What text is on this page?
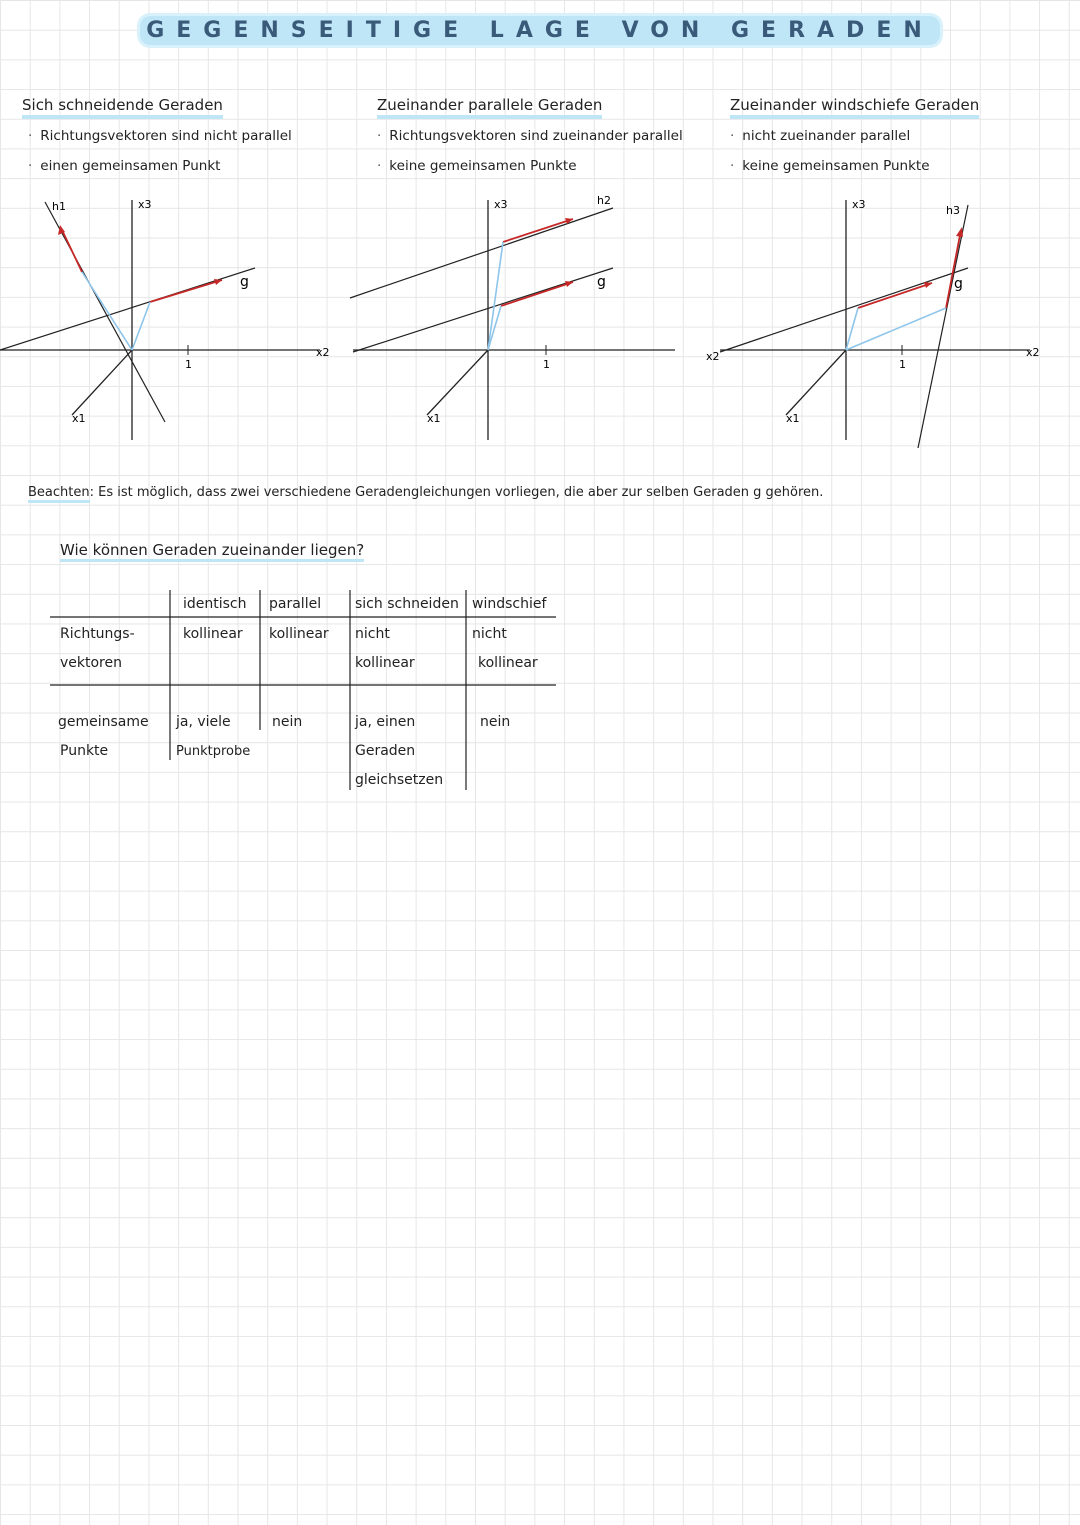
GEGENSEITIGE LAGE VON GERADEN
Sich schneidende Geraden
· Richtungsvektoren sind nicht parallel
· einen gemeinsamen Punkt
Zueinander parallele Geraden
· Richtungsvektoren sind zueinander parallel
· keine gemeinsamen Punkte
Zueinander windschiefe Geraden
· nicht zueinander parallel
· keine gemeinsamen Punkte
h1
g
x3
x2
x1
1
h2
g
x3
x1
1
h3
g
x3
x2
x2
x1
1
Beachten: Es ist möglich, dass zwei verschiedene Geradengleichungen vorliegen, die aber zur selben Geraden g gehören.
Wie können Geraden zueinander liegen?
identisch parallel sich schneiden windschief
Richtungs-
vektoren
kollinear kollinear nicht
kollinear
nicht
kollinear
gemeinsame
Punkte
ja, viele
Punktprobe
nein	ja, einen
Geraden
gleichsetzen
nein
